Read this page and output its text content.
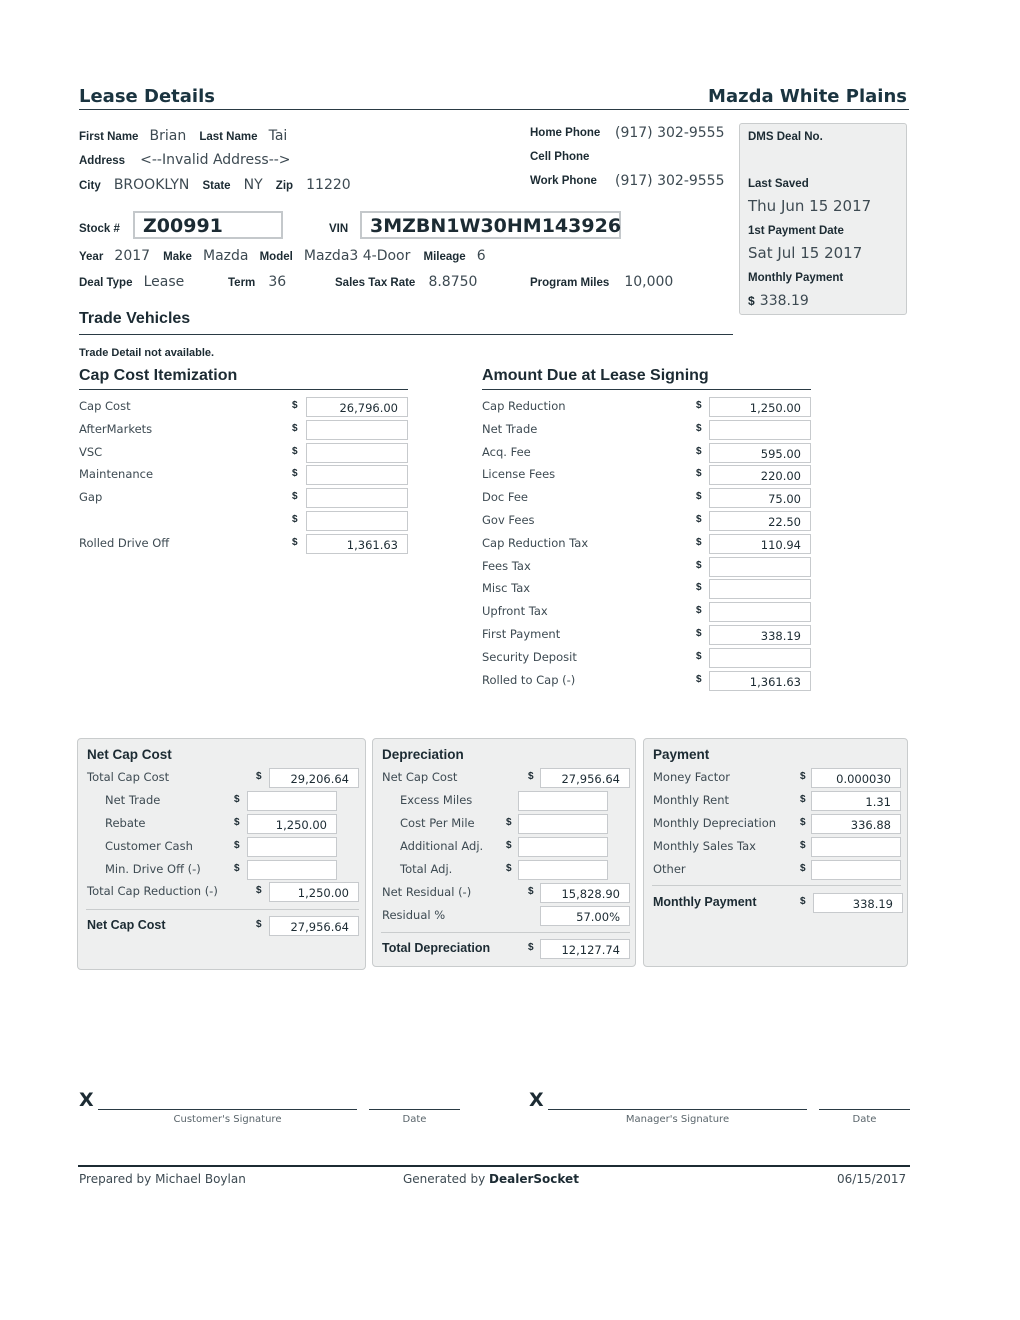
Lease Details	Mazda White Plains
First Name Brian Last Name Tai
Address <--Invalid Address-->
City BROOKLYN State NY Zip 11220
Home Phone (917) 302-9555
Cell Phone
Work Phone (917) 302-9555
DMS Deal No.
Last Saved
Thu Jun 15 2017
1st Payment Date
Sat Jul 15 2017
Monthly Payment
$ 338.19
Stock #	Z00991	VIN	3MZBN1W30HM143926
Year 2017 Make Mazda Model Mazda3 4-Door Mileage 6
Deal Type Lease	Term 36	Sales Tax Rate 8.8750	Program Miles 10,000
Trade Vehicles
Trade Detail not available.
Cap Cost Itemization
Cap Cost	$	26,796.00
AfterMarkets	$
VSC	$
Maintenance	$
Gap	$
$
Rolled Drive Off	$	1,361.63
Amount Due at Lease Signing
Cap Reduction	$	1,250.00
Net Trade	$
Acq. Fee	$	595.00
License Fees	$	220.00
Doc Fee	$	75.00
Gov Fees	$	22.50
Cap Reduction Tax	$	110.94
Fees Tax	$
Misc Tax	$
Upfront Tax	$
First Payment	$	338.19
Security Deposit	$
Rolled to Cap (-)	$	1,361.63
Net Cap Cost
Total Cap Cost	$	29,206.64
Net Trade	$
Rebate	$	1,250.00
Customer Cash	$
Min. Drive Off (-)	$
Total Cap Reduction (-)	$	1,250.00
Net Cap Cost	$	27,956.64
Depreciation
Net Cap Cost	$	27,956.64
Excess Miles
Cost Per Mile	$
Additional Adj. $
Total Adj.	$
Net Residual (-)	$	15,828.90
Residual %	57.00%
Total Depreciation	$	12,127.74
Payment
Money Factor	$	0.000030
Monthly Rent	$	1.31
Monthly Depreciation $	336.88
Monthly Sales Tax	$
Other	$
Monthly Payment	$	338.19
X
Customer's Signature	Date
X
Manager's Signature	Date
Prepared by Michael Boylan	Generated by DealerSocket	06/15/2017
